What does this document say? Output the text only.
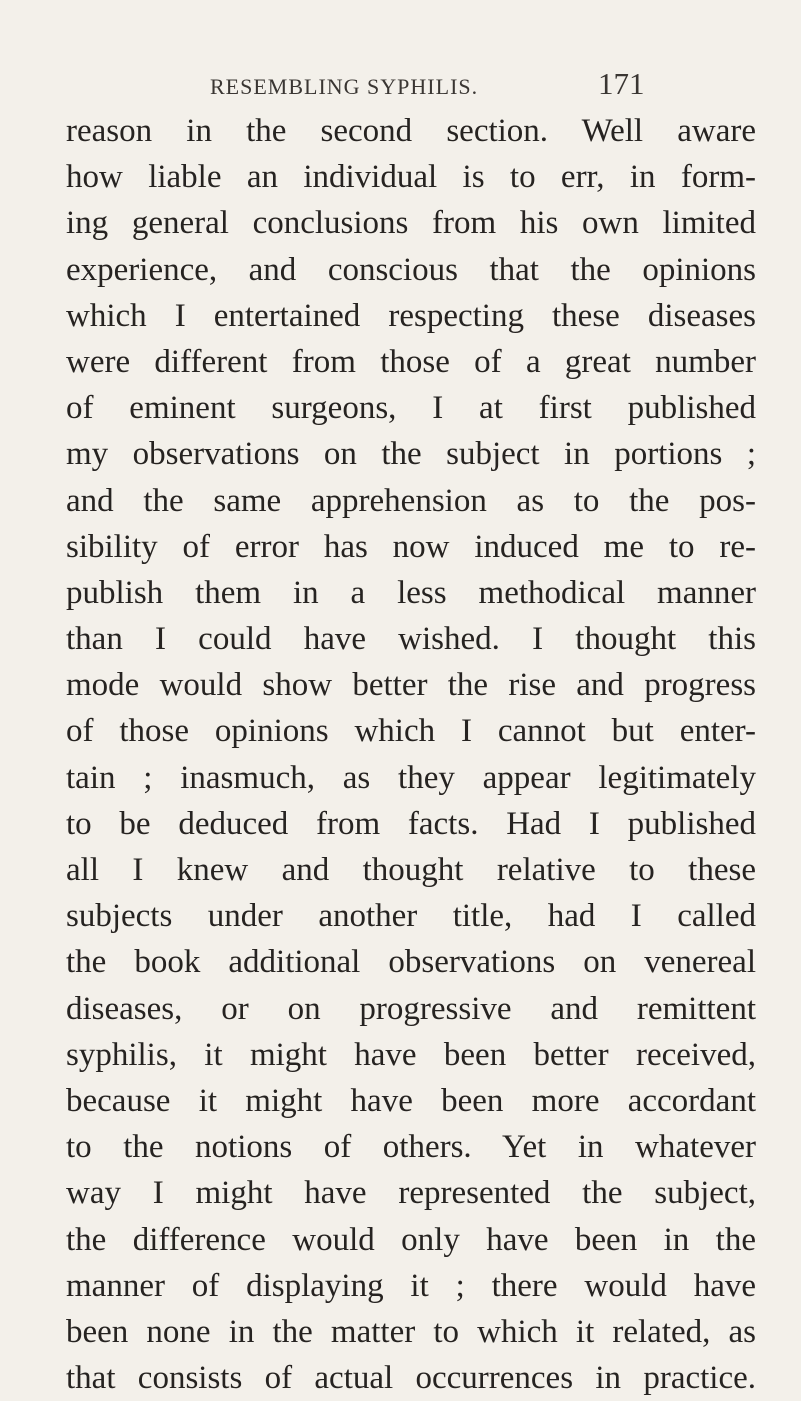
RESEMBLING SYPHILIS.	171
reason in the second section. Well aware
how liable an individual is to err, in form-
ing general conclusions from his own limited
experience, and conscious that the opinions
which I entertained respecting these diseases
were different from those of a great number
of eminent surgeons, I at first published
my observations on the subject in portions ;
and the same apprehension as to the pos-
sibility of error has now induced me to re-
publish them in a less methodical manner
than I could have wished. I thought this
mode would show better the rise and progress
of those opinions which I cannot but enter-
tain ; inasmuch, as they appear legitimately
to be deduced from facts. Had I published
all I knew and thought relative to these
subjects under another title, had I called
the book additional observations on venereal
diseases, or on progressive and remittent
syphilis, it might have been better received,
because it might have been more accordant
to the notions of others. Yet in whatever
way I might have represented the subject,
the difference would only have been in the
manner of displaying it ; there would have
been none in the matter to which it related, as
that consists of actual occurrences in practice.
